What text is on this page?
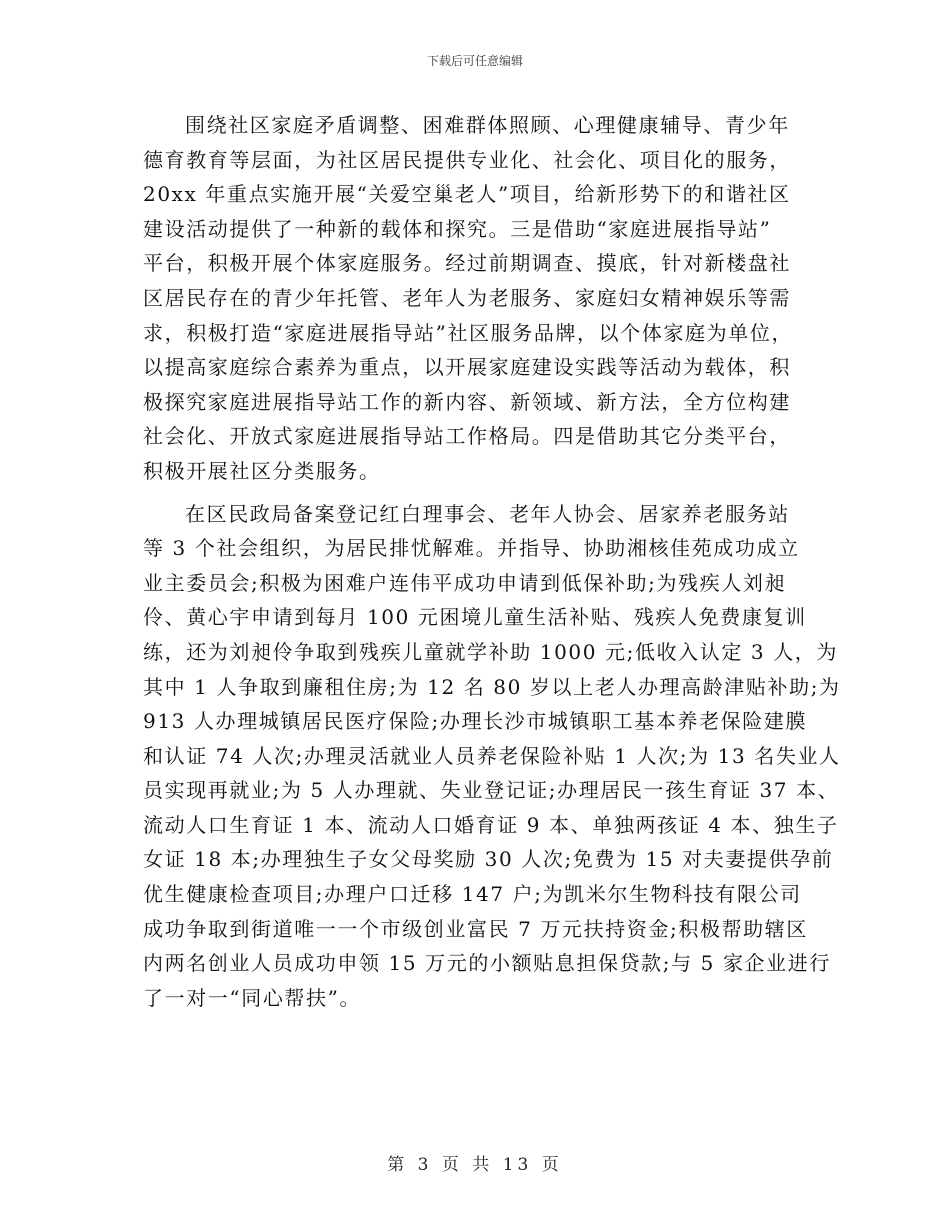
下载后可任意编辑
围绕社区家庭矛盾调整、困难群体照顾、心理健康辅导、青少年
德育教育等层面，为社区居民提供专业化、社会化、项目化的服务，
20xx 年重点实施开展“关爱空巢老人”项目，给新形势下的和谐社区
建设活动提供了一种新的载体和探究。三是借助“家庭进展指导站”
平台，积极开展个体家庭服务。经过前期调查、摸底，针对新楼盘社
区居民存在的青少年托管、老年人为老服务、家庭妇女精神娱乐等需
求，积极打造“家庭进展指导站”社区服务品牌，以个体家庭为单位，
以提高家庭综合素养为重点，以开展家庭建设实践等活动为载体，积
极探究家庭进展指导站工作的新内容、新领域、新方法，全方位构建
社会化、开放式家庭进展指导站工作格局。四是借助其它分类平台，
积极开展社区分类服务。
在区民政局备案登记红白理事会、老年人协会、居家养老服务站
等 3 个社会组织，为居民排忧解难。并指导、协助湘核佳苑成功成立
业主委员会;积极为困难户连伟平成功申请到低保补助;为残疾人刘昶
伶、黄心宇申请到每月 100 元困境儿童生活补贴、残疾人免费康复训
练，还为刘昶伶争取到残疾儿童就学补助 1000 元;低收入认定 3 人，为
其中 1 人争取到廉租住房;为 12 名 80 岁以上老人办理高龄津贴补助;为
913 人办理城镇居民医疗保险;办理长沙市城镇职工基本养老保险建膜
和认证 74 人次;办理灵活就业人员养老保险补贴 1 人次;为 13 名失业人
员实现再就业;为 5 人办理就、失业登记证;办理居民一孩生育证 37 本、
流动人口生育证 1 本、流动人口婚育证 9 本、单独两孩证 4 本、独生子
女证 18 本;办理独生子女父母奖励 30 人次;免费为 15 对夫妻提供孕前
优生健康检查项目;办理户口迁移 147 户;为凯米尔生物科技有限公司
成功争取到街道唯一一个市级创业富民 7 万元扶持资金;积极帮助辖区
内两名创业人员成功申领 15 万元的小额贴息担保贷款;与 5 家企业进行
了一对一“同心帮扶”。
第 3 页 共 13 页
